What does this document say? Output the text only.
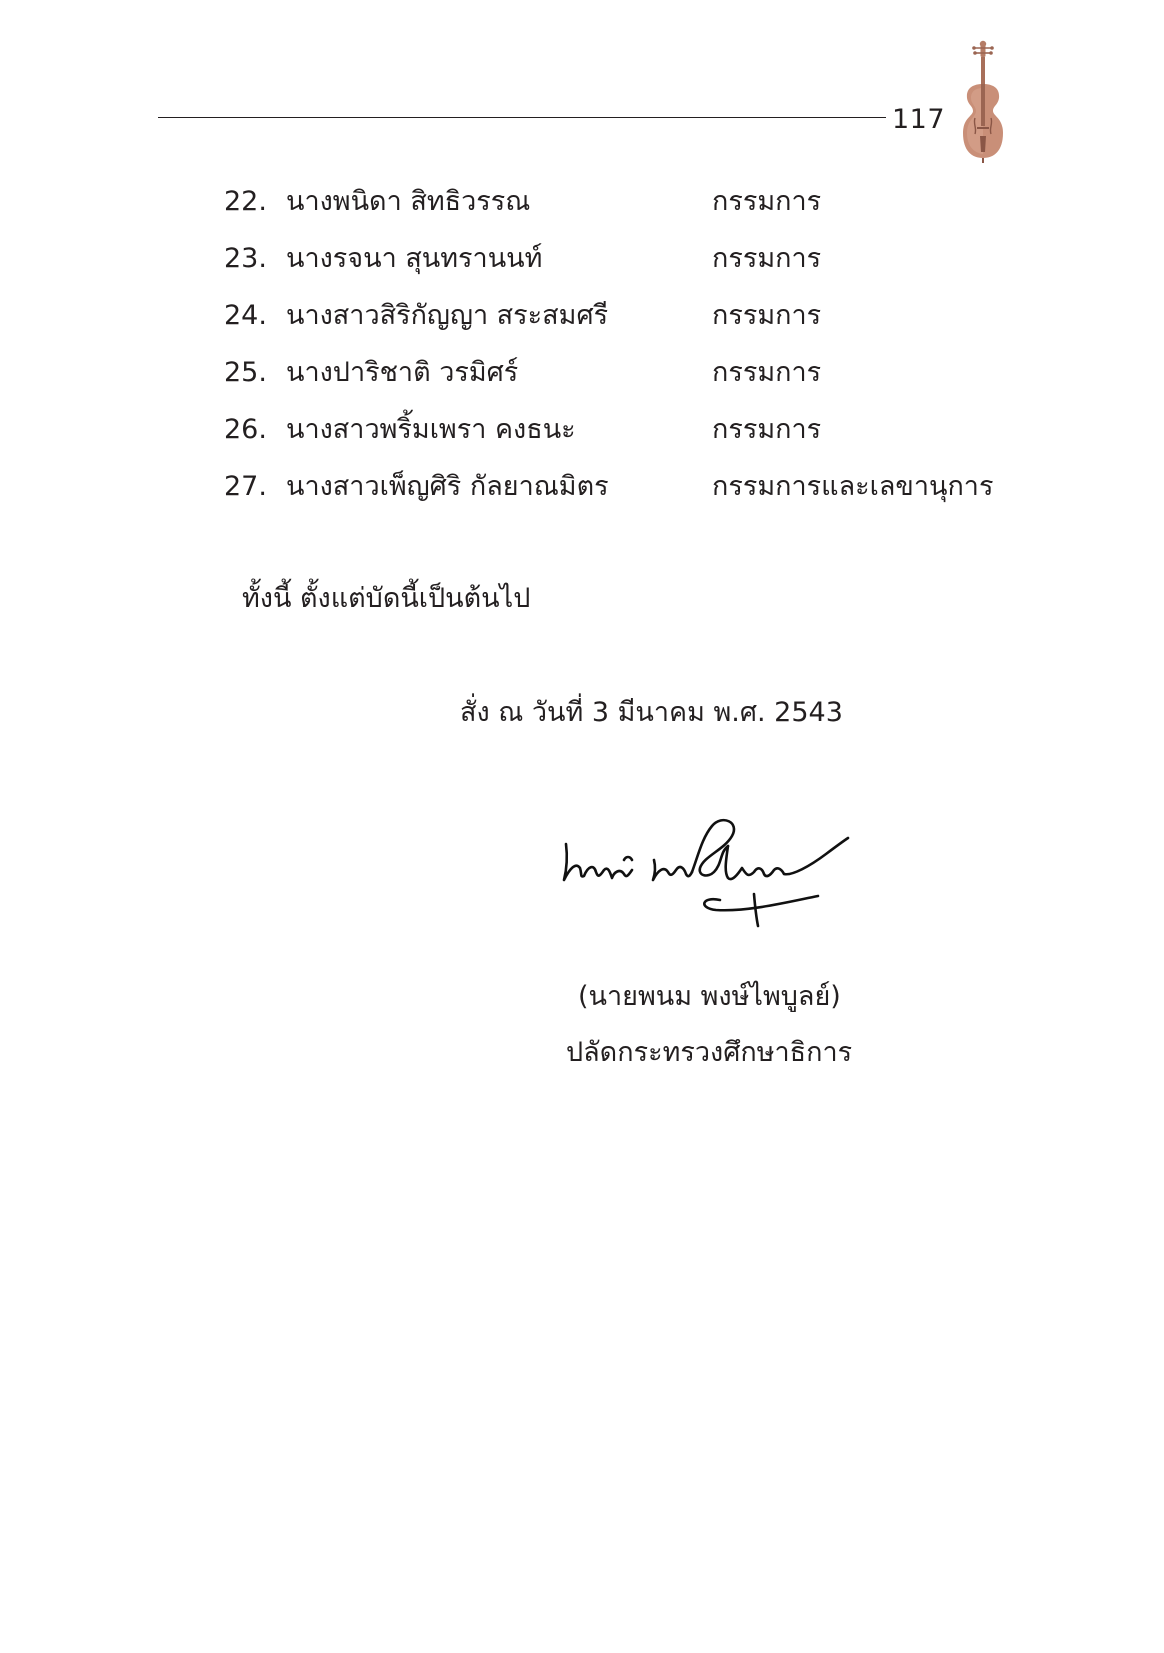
117
22. นางพนิดา สิทธิวรรณ	กรรมการ
23. นางรจนา สุนทรานนท์	กรรมการ
24. นางสาวสิริกัญญา สระสมศรี	กรรมการ
25. นางปาริชาติ วรมิศร์	กรรมการ
26. นางสาวพริ้มเพรา คงธนะ	กรรมการ
27. นางสาวเพ็ญศิริ กัลยาณมิตร	กรรมการและเลขานุการ
ทั้งนี้ ตั้งแต่บัดนี้เป็นต้นไป
สั่ง ณ วันที่ 3 มีนาคม พ.ศ. 2543
(นายพนม พงษ์ไพบูลย์)
ปลัดกระทรวงศึกษาธิการ
